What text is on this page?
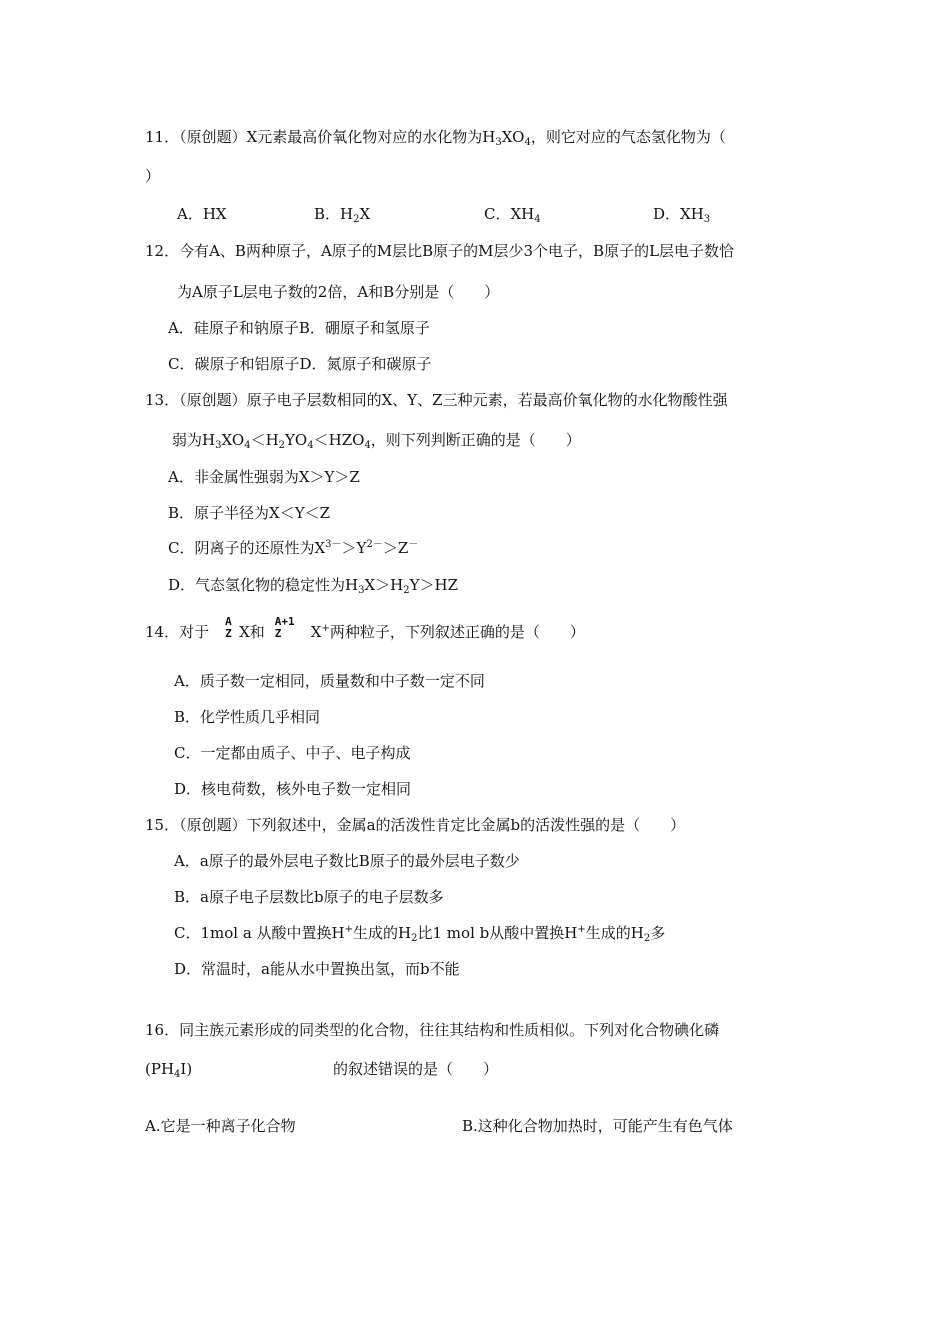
11．（原创题）X元素最高价氧化物对应的水化物为$H_3XO_4$，则它对应的气态氢化物为（
）
A．HX	B．$H_2X$	C．$XH_4$	D．$XH_3$
12．今有A、B两种原子，A原子的M层比B原子的M层少3个电子，B原子的L层电子数恰
为A原子L层电子数的2倍，A和B分别是（　　）
A．硅原子和钠原子B．硼原子和氢原子
C．碳原子和铝原子D．氮原子和碳原子
13．（原创题）原子电子层数相同的X、Y、Z三种元素，若最高价氧化物的水化物酸性强
弱为$H_3XO_4<H_2YO_4<HZO_4$，则下列判断正确的是（　　）
A．非金属性强弱为X＞Y＞Z
B．原子半径为X＜Y＜Z
C．阴离子的还原性为$X^{3-}>Y^{2-}>Z^-$
D．气态氢化物的稳定性为$H_3X>H_2Y>HZ$
14．对于
A
Z X和
A+1
Z X+两种粒子，下列叙述正确的是（　　）
A．质子数一定相同，质量数和中子数一定不同
B．化学性质几乎相同
C．一定都由质子、中子、电子构成
D．核电荷数，核外电子数一定相同
15．（原创题）下列叙述中，金属a的活泼性肯定比金属b的活泼性强的是（　　）
A．a原子的最外层电子数比B原子的最外层电子数少
B．a原子电子层数比b原子的电子层数多
C．1mol a 从酸中置换H+生成的$H_2$比1 mol b从酸中置换H+生成的$H_2$多
D．常温时，a能从水中置换出氢，而b不能
16．同主族元素形成的同类型的化合物，往往其结构和性质相似。下列对化合物碘化磷
$(PH_4I)$	的叙述错误的是（　　）
A.它是一种离子化合物	B.这种化合物加热时，可能产生有色气体
